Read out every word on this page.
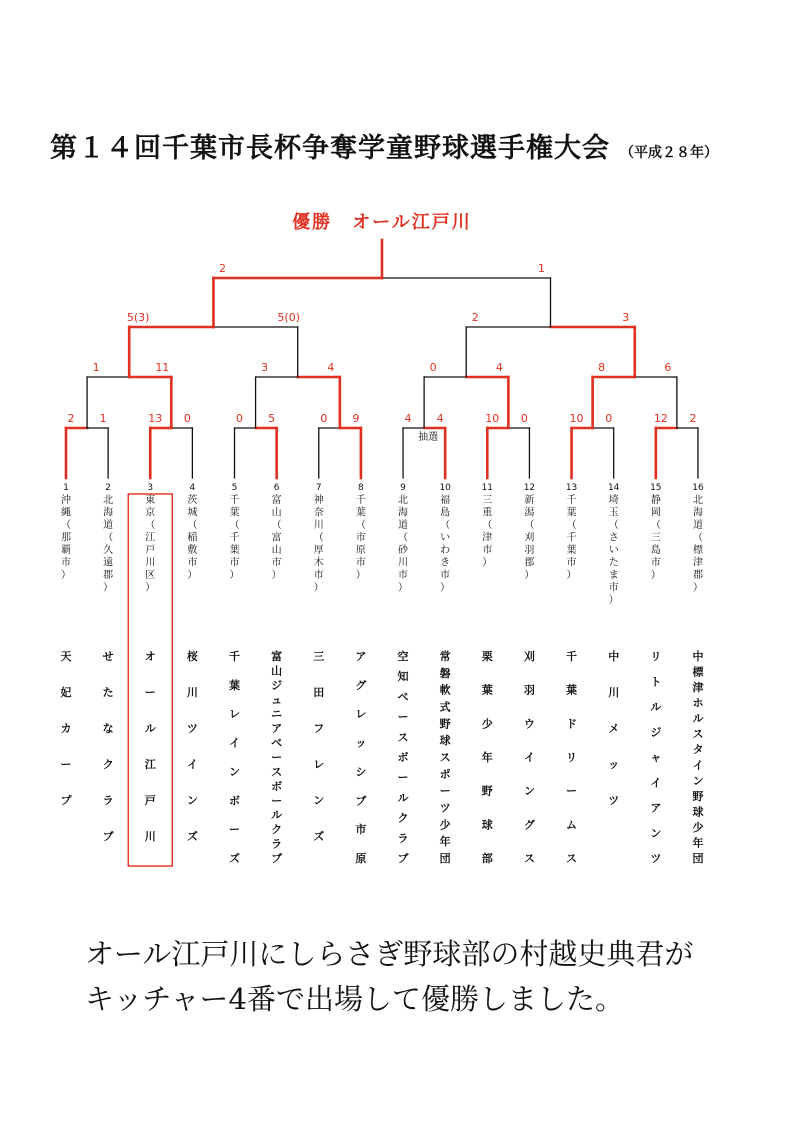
第１４回千葉市長杯争奪学童野球選手権大会 （平成２８年）
2 1	13 0	0 5	0 9	4 4	10 0	10 0	12 2
1	11	3	4	0	4	8	6
5(3)	5(0)	2	3
2	1
優勝　オール江戸川
抽選
1
沖
縄
（
那
覇
市
）
天
妃
カ
ー
プ
2
北
海
道
（
久
遠
郡
）
せ
た
な
ク
ラ
ブ
3
東
京
（
江
戸
川
区
）
オ
ー
ル
江
戸
川
4
茨
城
（
稲
敷
市
）
桜
川
ツ
イ
ン
ズ
5
千
葉
（
千
葉
市
）
千
葉
レ
イ
ン
ボ
ー
ズ
6
富
山
（
富
山
市
）
富
山
ジ
ュ
ニ
ア
ベ
ー
ス
ボ
ー
ル
ク
ラ
ブ
7
神
奈
川
（
厚
木
市
）
三
田
フ
レ
ン
ズ
8
千
葉
（
市
原
市
）
ア
グ
レ
ッ
シ
ブ
市
原
9
北
海
道
（
砂
川
市
）
空
知
ベ
ー
ス
ボ
ー
ル
ク
ラ
ブ
10
福
島
（
い
わ
き
市
）
常
磐
軟
式
野
球
ス
ポ
ー
ツ
少
年
団
11
三
重
（
津
市
）
栗
葉
少
年
野
球
部
12
新
潟
（
刈
羽
郡
）
刈
羽
ウ
イ
ン
グ
ス
13
千
葉
（
千
葉
市
）
千
葉
ド
リ
ー
ム
ス
14
埼
玉
（
さ
い
た
ま
市
）
中
川
メ
ッ
ツ
15
静
岡
（
三
島
市
）
リ
ト
ル
ジ
ャ
イ
ア
ン
ツ
16
北
海
道
（
標
津
郡
）
中
標
津
ホ
ル
ス
タ
イ
ン
野
球
少
年
団
オール江戸川にしらさぎ野球部の村越史典君が
キッチャー4番で出場して優勝しました。
